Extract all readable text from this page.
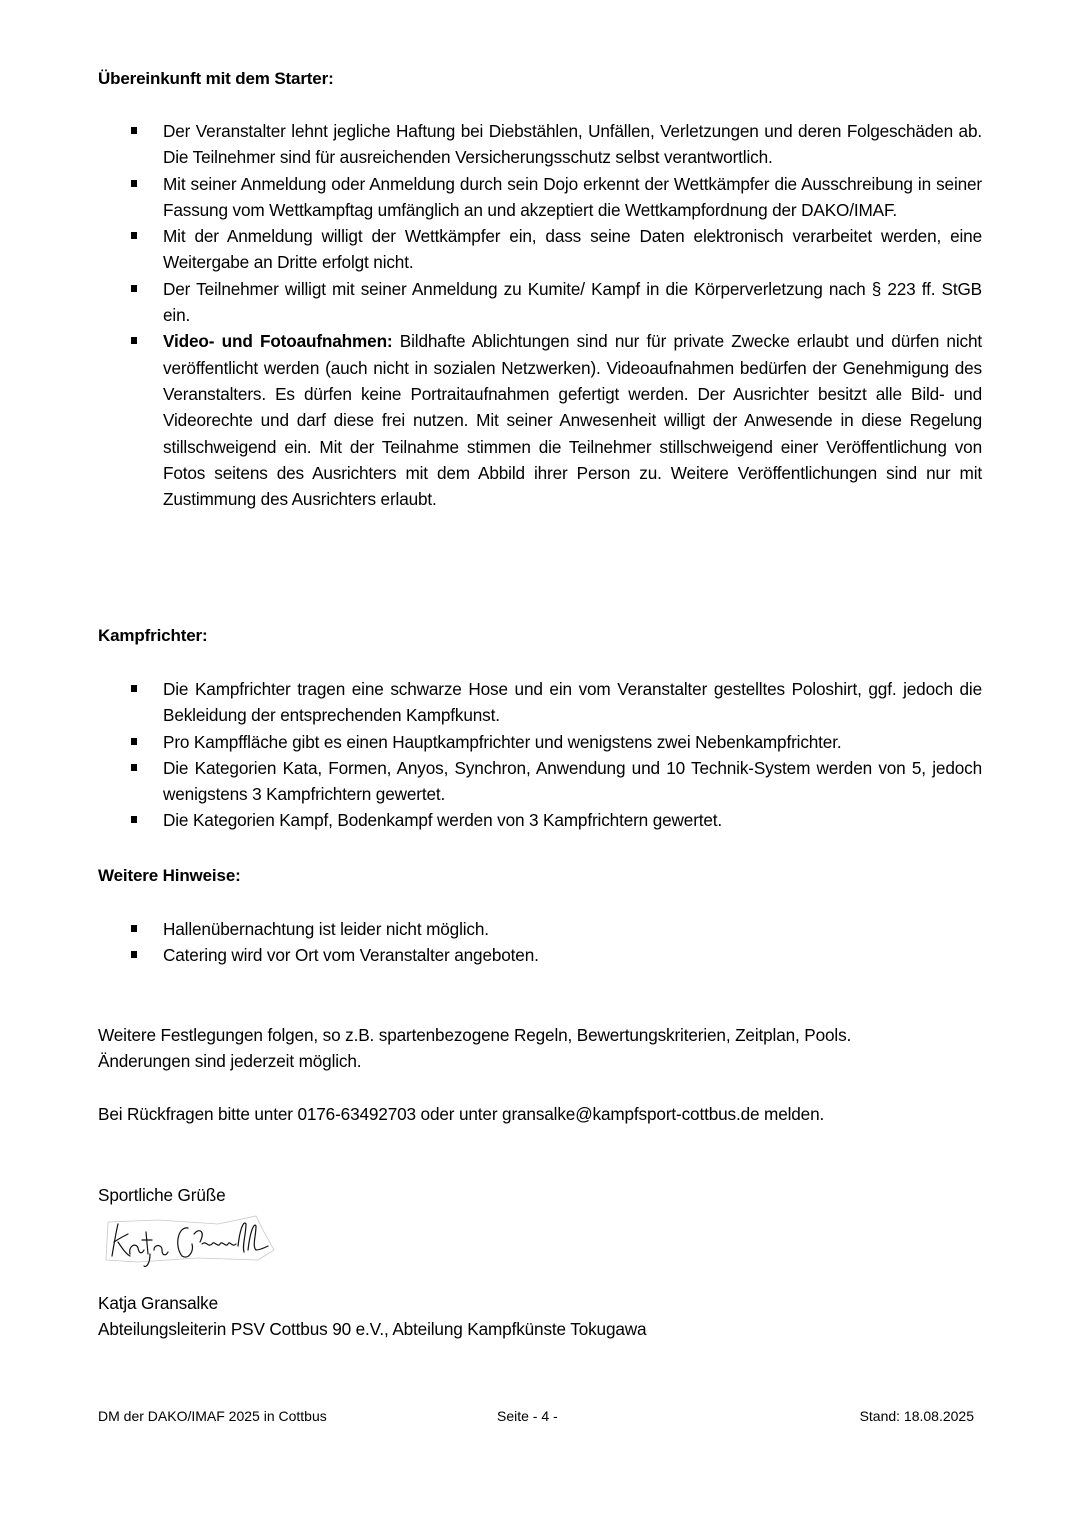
Übereinkunft mit dem Starter:
Der Veranstalter lehnt jegliche Haftung bei Diebstählen, Unfällen, Verletzungen und deren Folgeschäden ab. Die Teilnehmer sind für ausreichenden Versicherungsschutz selbst verantwortlich.
Mit seiner Anmeldung oder Anmeldung durch sein Dojo erkennt der Wettkämpfer die Ausschreibung in seiner Fassung vom Wettkampftag umfänglich an und akzeptiert die Wettkampfordnung der DAKO/IMAF.
Mit der Anmeldung willigt der Wettkämpfer ein, dass seine Daten elektronisch verarbeitet werden, eine Weitergabe an Dritte erfolgt nicht.
Der Teilnehmer willigt mit seiner Anmeldung zu Kumite/ Kampf in die Körperverletzung nach § 223 ff. StGB ein.
Video- und Fotoaufnahmen: Bildhafte Ablichtungen sind nur für private Zwecke erlaubt und dürfen nicht veröffentlicht werden (auch nicht in sozialen Netzwerken). Videoaufnahmen bedürfen der Genehmigung des Veranstalters. Es dürfen keine Portraitaufnahmen gefertigt werden. Der Ausrichter besitzt alle Bild- und Videorechte und darf diese frei nutzen. Mit seiner Anwesenheit willigt der Anwesende in diese Regelung stillschweigend ein. Mit der Teilnahme stimmen die Teilnehmer stillschweigend einer Veröffentlichung von Fotos seitens des Ausrichters mit dem Abbild ihrer Person zu. Weitere Veröffentlichungen sind nur mit Zustimmung des Ausrichters erlaubt.
Kampfrichter:
Die Kampfrichter tragen eine schwarze Hose und ein vom Veranstalter gestelltes Poloshirt, ggf. jedoch die Bekleidung der entsprechenden Kampfkunst.
Pro Kampffläche gibt es einen Hauptkampfrichter und wenigstens zwei Nebenkampfrichter.
Die Kategorien Kata, Formen, Anyos, Synchron, Anwendung und 10 Technik-System werden von 5, jedoch wenigstens 3 Kampfrichtern gewertet.
Die Kategorien Kampf, Bodenkampf werden von 3 Kampfrichtern gewertet.
Weitere Hinweise:
Hallenübernachtung ist leider nicht möglich.
Catering wird vor Ort vom Veranstalter angeboten.
Weitere Festlegungen folgen, so z.B. spartenbezogene Regeln, Bewertungskriterien, Zeitplan, Pools.
Änderungen sind jederzeit möglich.
Bei Rückfragen bitte unter 0176-63492703 oder unter gransalke@kampfsport-cottbus.de melden.
Sportliche Grüße
Katja Gransalke
Abteilungsleiterin PSV Cottbus 90 e.V., Abteilung Kampfkünste Tokugawa
DM der DAKO/IMAF 2025 in Cottbus	Seite - 4 -	Stand: 18.08.2025
